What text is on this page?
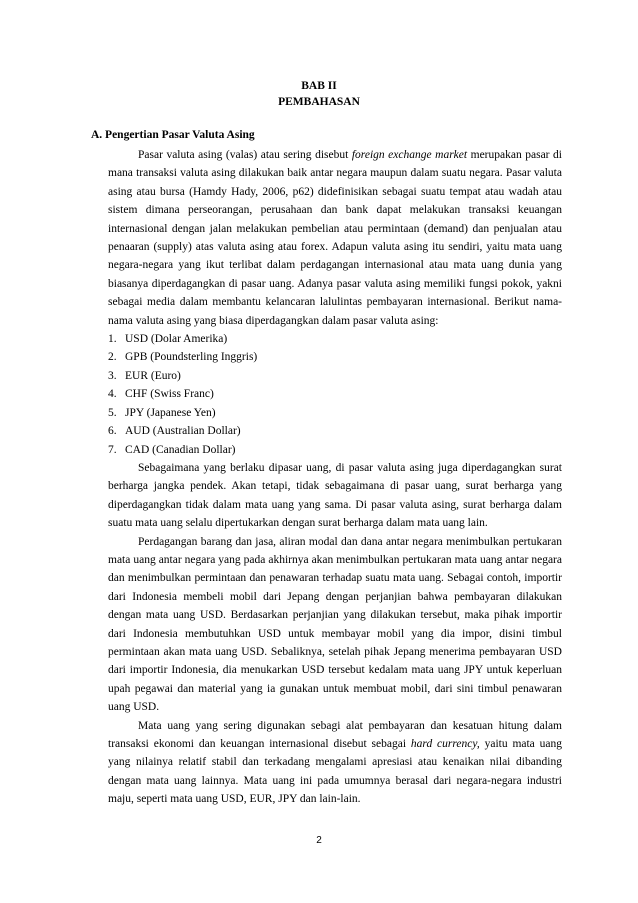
BAB II
PEMBAHASAN
A. Pengertian Pasar Valuta Asing

Pasar valuta asing (valas) atau sering disebut foreign exchange market merupakan pasar di mana transaksi valuta asing dilakukan baik antar negara maupun dalam suatu negara. Pasar valuta asing atau bursa (Hamdy Hady, 2006, p62) didefinisikan sebagai suatu tempat atau wadah atau sistem dimana perseorangan, perusahaan dan bank dapat melakukan transaksi keuangan internasional dengan jalan melakukan pembelian atau permintaan (demand) dan penjualan atau penaaran (supply) atas valuta asing atau forex. Adapun valuta asing itu sendiri, yaitu mata uang negara-negara yang ikut terlibat dalam perdagangan internasional atau mata uang dunia yang biasanya diperdagangkan di pasar uang. Adanya pasar valuta asing memiliki fungsi pokok, yakni sebagai media dalam membantu kelancaran lalulintas pembayaran internasional. Berikut nama-nama valuta asing yang biasa diperdagangkan dalam pasar valuta asing:

1. USD (Dolar Amerika)
2. GPB (Poundsterling Inggris)
3. EUR (Euro)
4. CHF (Swiss Franc)
5. JPY (Japanese Yen)
6. AUD (Australian Dollar)
7. CAD (Canadian Dollar)

Sebagaimana yang berlaku dipasar uang, di pasar valuta asing juga diperdagangkan surat berharga jangka pendek. Akan tetapi, tidak sebagaimana di pasar uang, surat berharga yang diperdagangkan tidak dalam mata uang yang sama. Di pasar valuta asing, surat berharga dalam suatu mata uang selalu dipertukarkan dengan surat berharga dalam mata uang lain.

Perdagangan barang dan jasa, aliran modal dan dana antar negara menimbulkan pertukaran mata uang antar negara yang pada akhirnya akan menimbulkan pertukaran mata uang antar negara dan menimbulkan permintaan dan penawaran terhadap suatu mata uang. Sebagai contoh, importir dari Indonesia membeli mobil dari Jepang dengan perjanjian bahwa pembayaran dilakukan dengan mata uang USD. Berdasarkan perjanjian yang dilakukan tersebut, maka pihak importir dari Indonesia membutuhkan USD untuk membayar mobil yang dia impor, disini timbul permintaan akan mata uang USD. Sebaliknya, setelah pihak Jepang menerima pembayaran USD dari importir Indonesia, dia menukarkan USD tersebut kedalam mata uang JPY untuk keperluan upah pegawai dan material yang ia gunakan untuk membuat mobil, dari sini timbul penawaran uang USD.

Mata uang yang sering digunakan sebagi alat pembayaran dan kesatuan hitung dalam transaksi ekonomi dan keuangan internasional disebut sebagai hard currency, yaitu mata uang yang nilainya relatif stabil dan terkadang mengalami apresiasi atau kenaikan nilai dibanding dengan mata uang lainnya. Mata uang ini pada umumnya berasal dari negara-negara industri maju, seperti mata uang USD, EUR, JPY dan lain-lain.

2
